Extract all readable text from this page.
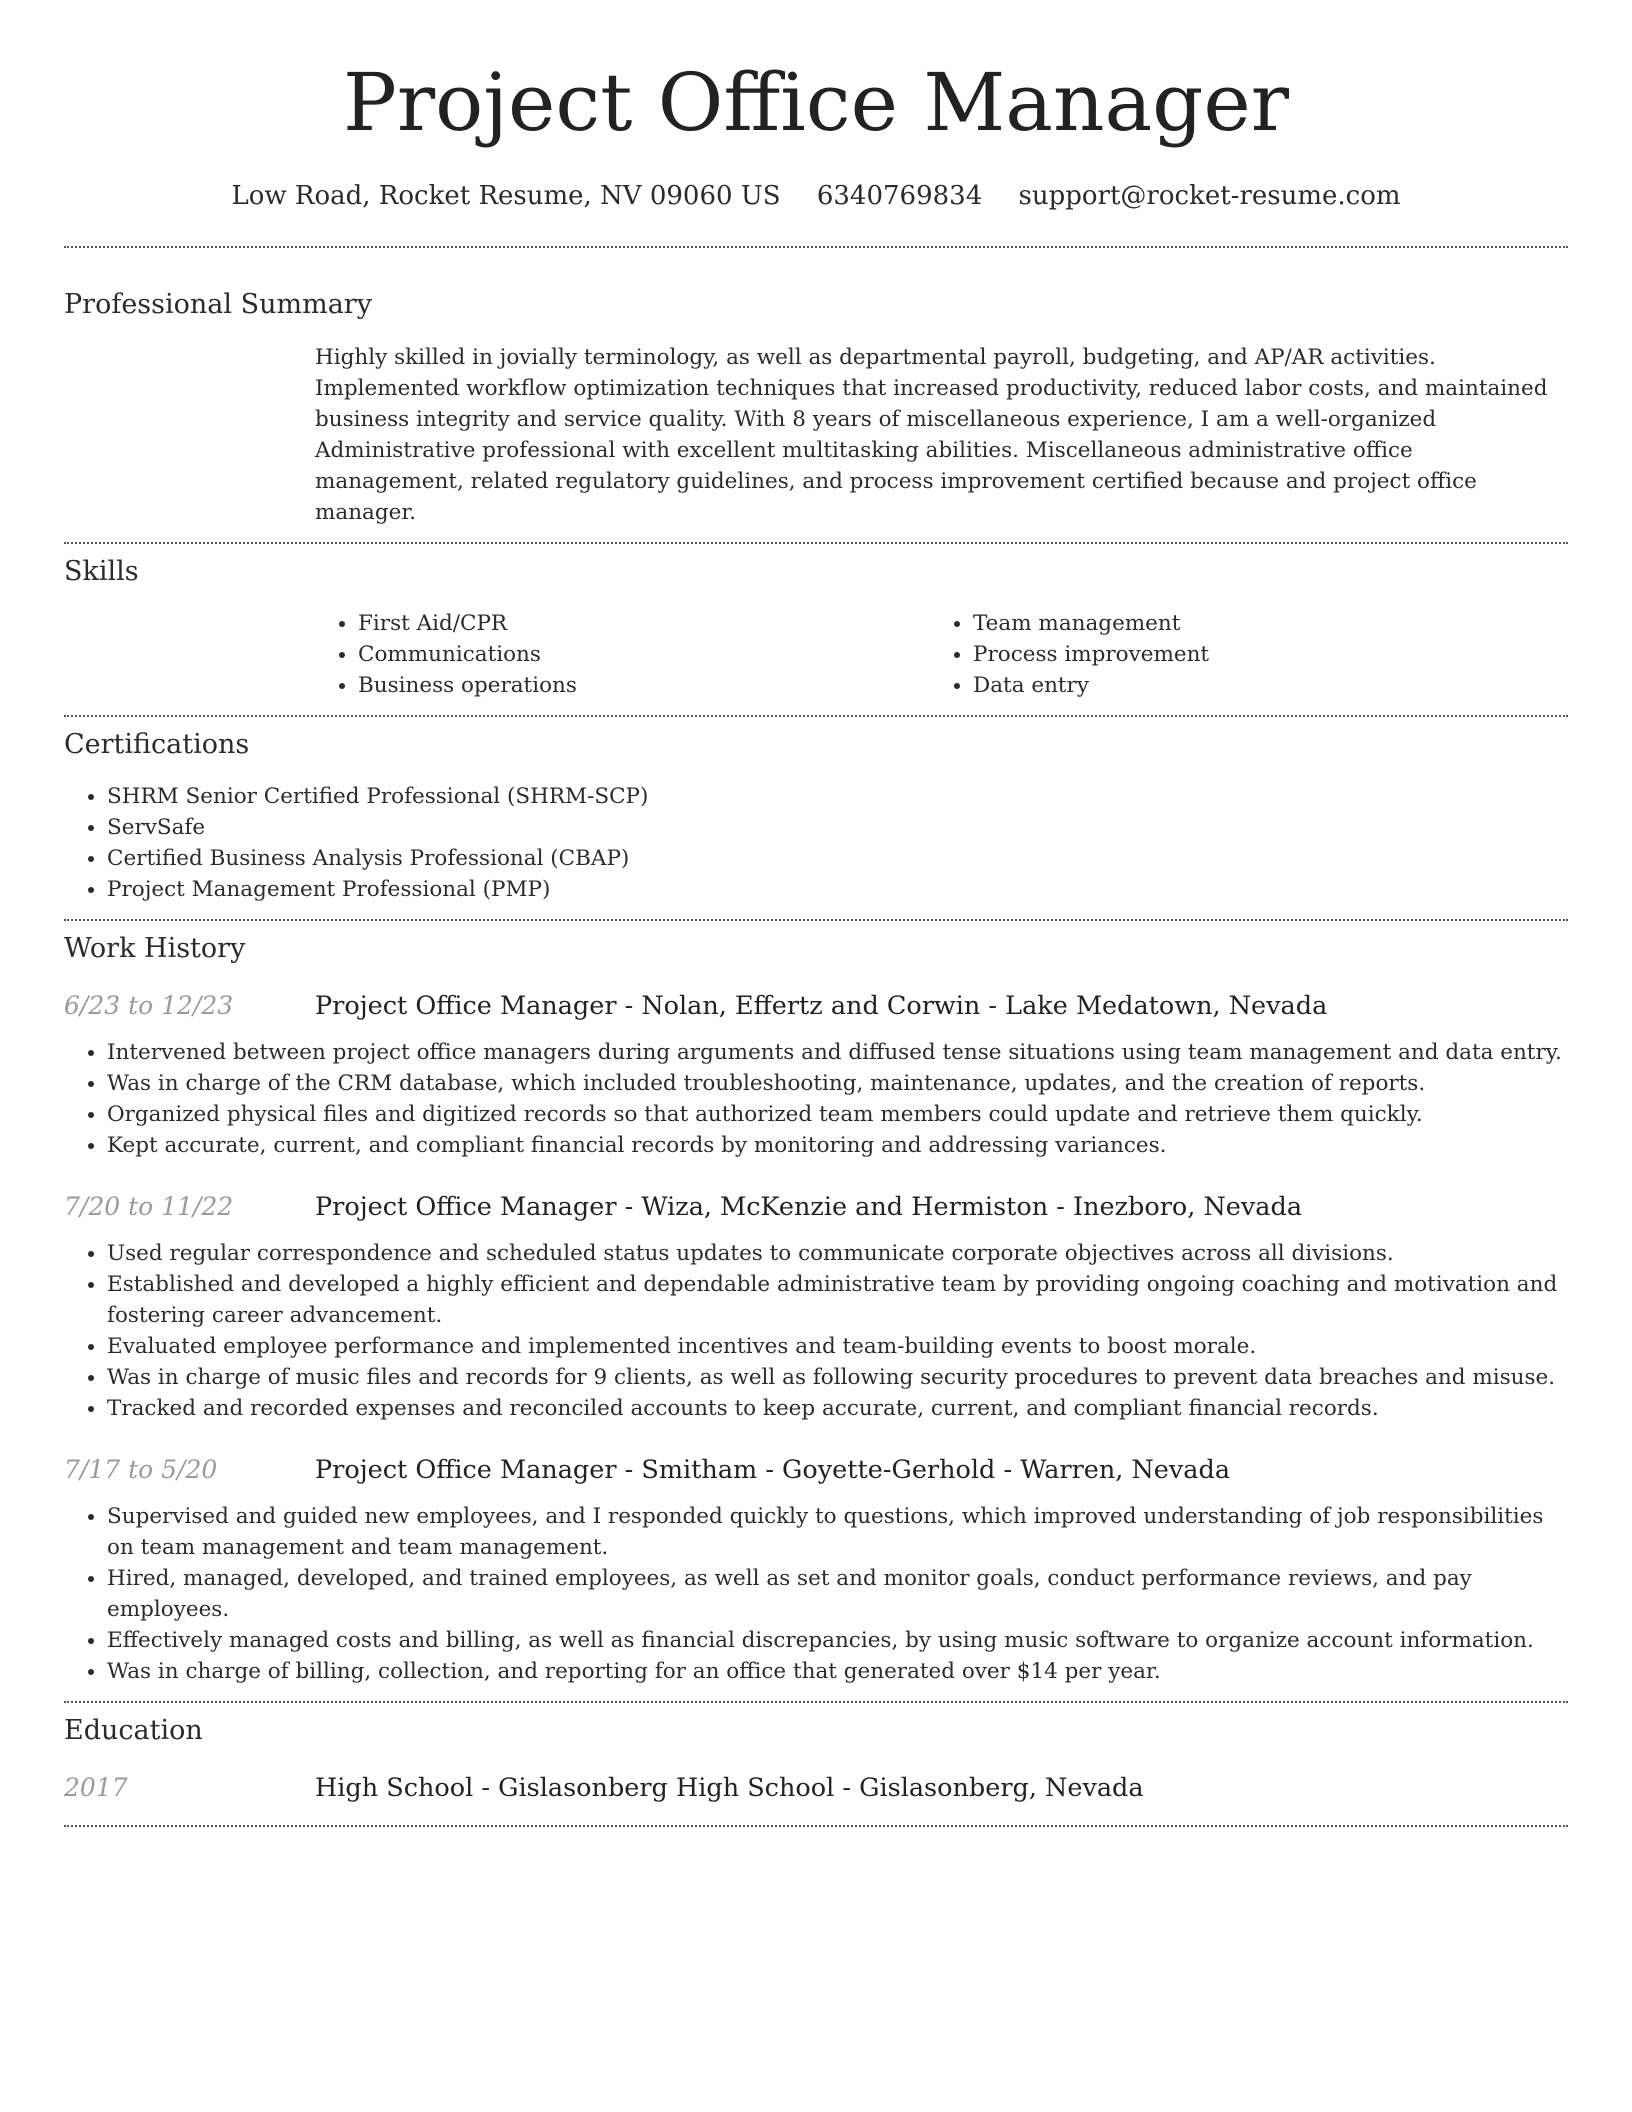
Project Office Manager
Low Road, Rocket Resume, NV 09060 US 6340769834 support@rocket-resume.com
Professional Summary
Highly skilled in jovially terminology, as well as departmental payroll, budgeting, and AP/AR activities. Implemented workflow optimization techniques that increased productivity, reduced labor costs, and maintained business integrity and service quality. With 8 years of miscellaneous experience, I am a well-organized Administrative professional with excellent multitasking abilities. Miscellaneous administrative office management, related regulatory guidelines, and process improvement certified because and project office manager.
Skills
• First Aid/CPR
• Communications
• Business operations
• Team management
• Process improvement
• Data entry
Certifications
• SHRM Senior Certified Professional (SHRM-SCP)
• ServSafe
• Certified Business Analysis Professional (CBAP)
• Project Management Professional (PMP)
Work History
6/23 to 12/23	Project Office Manager - Nolan, Effertz and Corwin - Lake Medatown, Nevada
• Intervened between project office managers during arguments and diffused tense situations using team management and data entry.
• Was in charge of the CRM database, which included troubleshooting, maintenance, updates, and the creation of reports.
• Organized physical files and digitized records so that authorized team members could update and retrieve them quickly.
• Kept accurate, current, and compliant financial records by monitoring and addressing variances.
7/20 to 11/22	Project Office Manager - Wiza, McKenzie and Hermiston - Inezboro, Nevada
• Used regular correspondence and scheduled status updates to communicate corporate objectives across all divisions.
• Established and developed a highly efficient and dependable administrative team by providing ongoing coaching and motivation and fostering career advancement.
• Evaluated employee performance and implemented incentives and team-building events to boost morale.
• Was in charge of music files and records for 9 clients, as well as following security procedures to prevent data breaches and misuse.
• Tracked and recorded expenses and reconciled accounts to keep accurate, current, and compliant financial records.
7/17 to 5/20	Project Office Manager - Smitham - Goyette-Gerhold - Warren, Nevada
• Supervised and guided new employees, and I responded quickly to questions, which improved understanding of job responsibilities on team management and team management.
• Hired, managed, developed, and trained employees, as well as set and monitor goals, conduct performance reviews, and pay employees.
• Effectively managed costs and billing, as well as financial discrepancies, by using music software to organize account information.
• Was in charge of billing, collection, and reporting for an office that generated over $14 per year.
Education
2017	High School - Gislasonberg High School - Gislasonberg, Nevada
